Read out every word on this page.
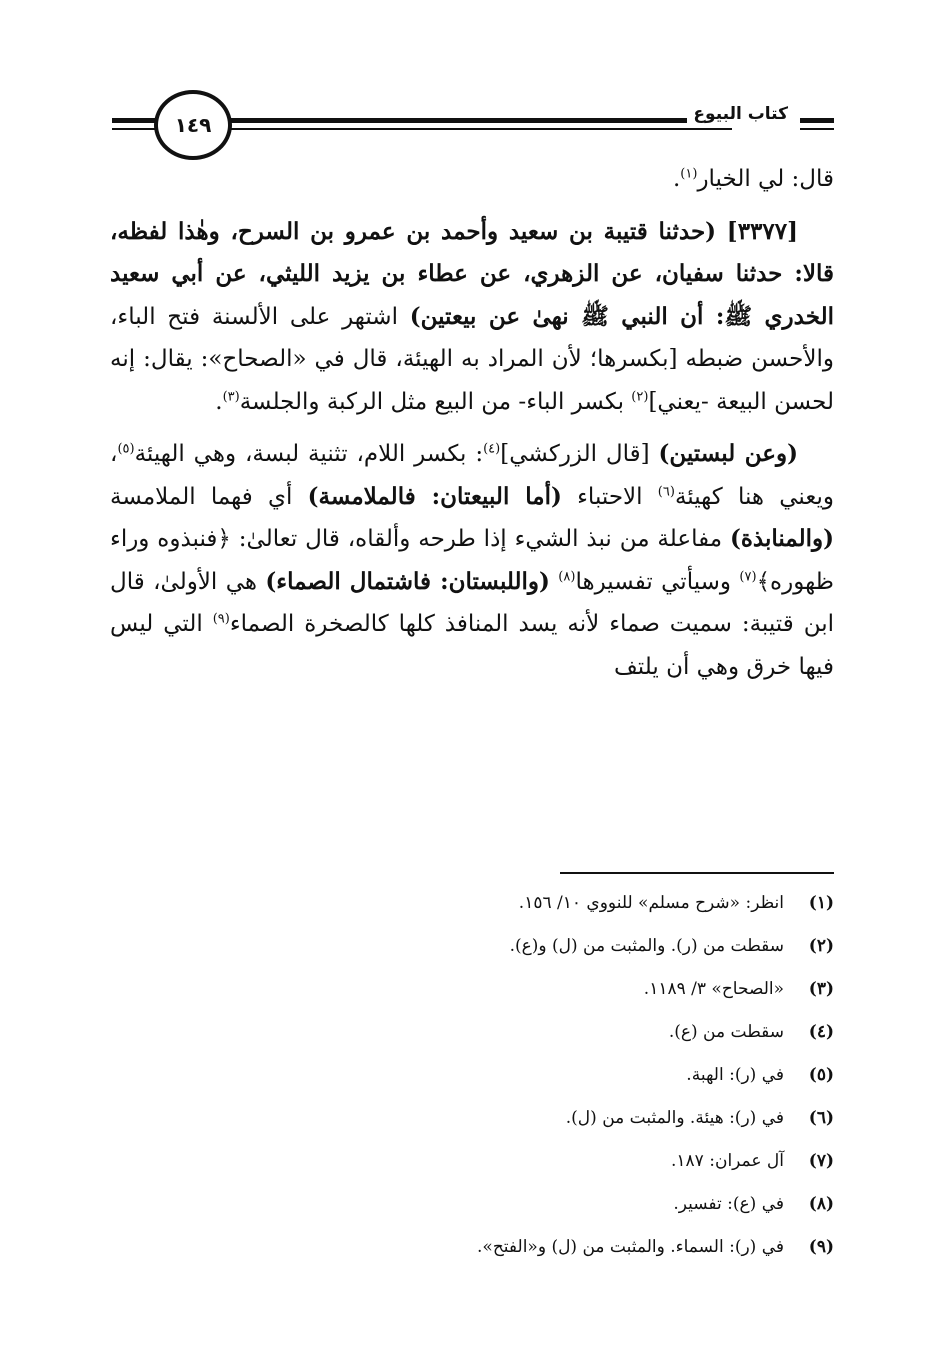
١٤٩	كتاب البيوع

قال: لي الخيار$^{(١)}$.

[٣٣٧٧] (حدثنا قتيبة بن سعيد وأحمد بن عمرو بن السرح، وهٰذا لفظه، قالا: حدثنا سفيان، عن الزهري، عن عطاء بن يزيد الليثي، عن أبي سعيد الخدري ﷺ: أن النبي ﷺ نهىٰ عن بيعتين) اشتهر على الألسنة فتح الباء، والأحسن ضبطه [بكسرها؛ لأن المراد به الهيئة، قال في «الصحاح»: يقال: إنه لحسن البيعة -يعني]$^{(٢)}$ بكسر الباء- من البيع مثل الركبة والجلسة$^{(٣)}$.

(وعن لبستين) [قال الزركشي]$^{(٤)}$: بكسر اللام، تثنية لبسة، وهي الهيئة$^{(٥)}$، ويعني هنا كهيئة$^{(٦)}$ الاحتباء (أما البيعتان: فالملامسة) أي فهما الملامسة (والمنابذة) مفاعلة من نبذ الشيء إذا طرحه وألقاه، قال تعالىٰ: ﴿فنبذوه وراء ظهوره﴾$^{(٧)}$ وسيأتي تفسيرها$^{(٨)}$ (واللبستان: فاشتمال الصماء) هي الأولىٰ، قال ابن قتيبة: سميت صماء لأنه يسد المنافذ كلها كالصخرة الصماء$^{(٩)}$ التي ليس فيها خرق وهي أن يلتف

(١)
انظر: «شرح مسلم» للنووي ١٠/ ١٥٦.
(٢)
سقطت من (ر). والمثبت من (ل) و(ع).
(٣)
«الصحاح» ٣/ ١١٨٩.
(٤)
سقطت من (ع).
(٥)
في (ر): الهبة.
(٦)
في (ر): هيئة. والمثبت من (ل).
(٧)
آل عمران: ١٨٧.
(٨)
في (ع): تفسير.
(٩)
في (ر): السماء. والمثبت من (ل) و«الفتح».
